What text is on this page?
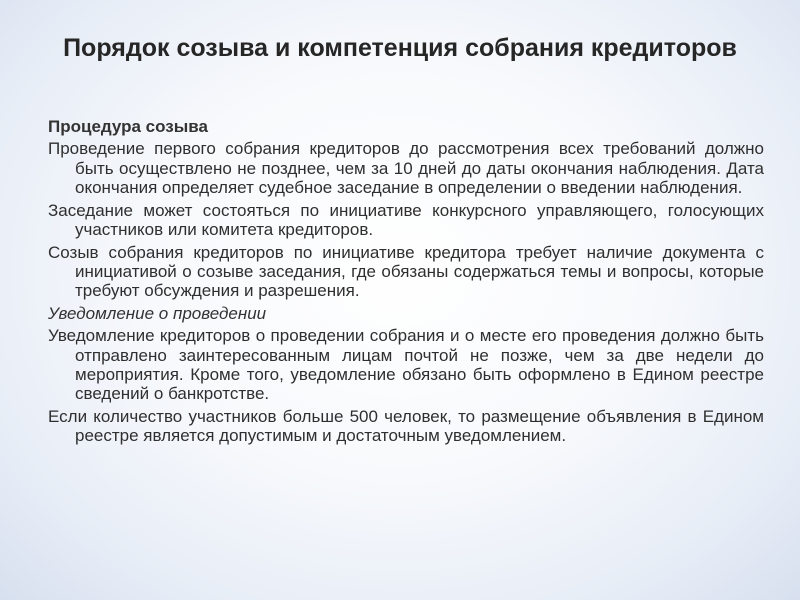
Порядок созыва и компетенция собрания кредиторов
Процедура созыва
Проведение первого собрания кредиторов до рассмотрения всех требований должно быть осуществлено не позднее, чем за 10 дней до даты окончания наблюдения. Дата окончания определяет судебное заседание в определении о введении наблюдения.
Заседание может состояться по инициативе конкурсного управляющего, голосующих участников или комитета кредиторов.
Созыв собрания кредиторов по инициативе кредитора требует наличие документа с инициативой о созыве заседания, где обязаны содержаться темы и вопросы, которые требуют обсуждения и разрешения.
Уведомление о проведении
Уведомление кредиторов о проведении собрания и о месте его проведения должно быть отправлено заинтересованным лицам почтой не позже, чем за две недели до мероприятия. Кроме того, уведомление обязано быть оформлено в Едином реестре сведений о банкротстве.
Если количество участников больше 500 человек, то размещение объявления в Едином реестре является допустимым и достаточным уведомлением.
